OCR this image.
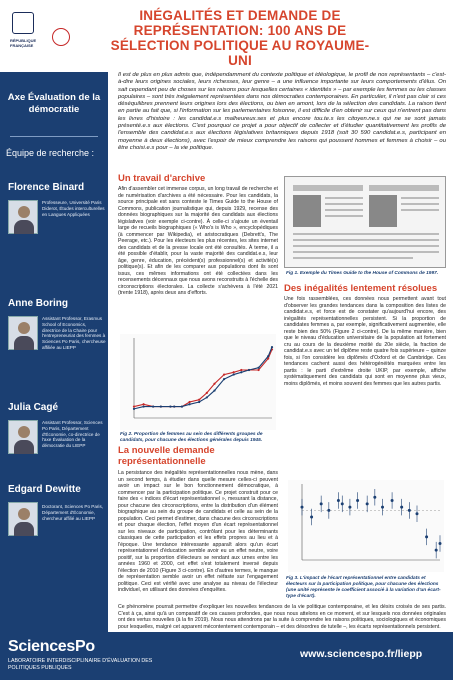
RÉPUBLIQUE FRANÇAISE
INÉGALITÉS ET DEMANDE DE REPRÉSENTATION: 100 ANS DE SÉLECTION POLITIQUE AU ROYAUME-UNI
Axe Évaluation de la démocratie
Équipe de recherche :
Florence Binard
Professeure, Université Paris Diderot, Études interculturelles en Langues Appliquées
Anne Boring
Assistant Professor, Erasmus School of Economics, directrice de la Chaire pour l'entrepreneuriat des femmes à Sciences Po Paris, chercheuse affiliée au LIEPP
Julia Cagé
Assistant Professor, Sciences Po Paris, Département d'Économie, co-directrice de l'axe Évaluation de la démocratie du LIEPP
Edgard Dewitte
Doctorant, Sciences Po Paris, Département d'Économie, chercheur affilié au LIEPP
Il est de plus en plus admis que, indépendamment du contexte politique et idéologique, le profil de nos représentants – c'est-à-dire leurs origines sociales, leurs richesses, leur genre – a une influence importante sur leurs comportements d'élus. On sait cependant peu de choses sur les raisons pour lesquelles certaines « identités » – par exemple les femmes ou les classes populaires – sont très inégalement représentées dans nos démocraties contemporaines. En particulier, il n'est pas clair si ces déséquilibres prennent leurs origines lors des élections, ou bien en amont, lors de la sélection des candidats. La raison tient en partie au fait que, si l'information sur les parlementaires foisonne, il est difficile d'en obtenir sur ceux qui n'entrent pas dans les livres d'histoire : les candidat.e.s malheureux.ses et plus encore tou.te.s les citoyen.ne.s qui ne se sont jamais présenté.e.s aux élections. C'est pourquoi ce projet a pour objectif de collecter et d'étudier quantitativement les profils de l'ensemble des candidat.e.s aux élections législatives britanniques depuis 1918 (soit 30 590 candidat.e.s, participant en moyenne à deux élections), avec l'espoir de mieux comprendre les raisons qui poussent hommes et femmes à choisir – ou être choisi.e.s pour – la vie politique.
Un travail d'archive
Afin d'assembler cet immense corpus, un long travail de recherche et de numérisation d'archives a été nécessaire. Pour les candidats, la source principale est sans conteste le Times Guide to the House of Commons, publication journalistique qui, depuis 1929, recense des données biographiques sur la majorité des candidats aux élections législatives (voir exemple ci-contre). À celle-ci s'ajoute un éventail large de recueils biographiques (« Who's is Who », encyclopédiques (à commencer par Wikipedia), et aristocratiques (Debrett's, The Peerage, etc.). Pour les électeurs les plus récentes, les sites internet des candidats et de la presse locale ont été consultés. À terme, il a été possible d'établir, pour la vaste majorité des candidat.e.s, leur âge, genre, éducation, précédent(s) professionnel(s) et activité(s) politique(s). Et afin de les comparer aux populations dont ils sont issus, ces mêmes informations ont été collectées dans les recensements décennaux que nous avons reconstruits à l'échelle des circonscriptions électorales. La collecte s'achèvera à l'été 2021 (trente 1918), après deux ans d'efforts.
Fig 1. Exemple du Times Guide to the House of Commons de 1997.
Fig 2. Proportion de femmes au sein des différents groupes de candidats, pour chacune des élections générales depuis 1945.
Des inégalités lentement résolues
Une fois rassemblées, ces données nous permettent avant tout d'observer les grandes tendances dans la composition des listes de candidat.e.s, et force est de constater qu'aujourd'hui encore, des inégalités représentationnelles persistent. Si la proportion de candidates femmes a, par exemple, significativement augmentée, elle reste bien des 50% (Figure 2 ci-contre). De la même manière, bien que le niveau d'éducation universitaire de la population ait fortement cru au cours de la deuxième moitié du 20e siècle, la fraction de candidat.e.s avec un tel diplôme reste quatre fois supérieure – quinze fois, si l'on considère les diplômés d'Oxford et de Cambridge. Ces tendances cachent aussi des hétérogénéités marquées entre les partis : le parti d'extrême droite UKIP, par exemple, affiche systématiquement des candidats qui sont en moyenne plus vieux, moins diplômés, et moins souvent des femmes que les autres partis.
La nouvelle demande représentationnelle
La persistance des inégalités représentationnelles nous mène, dans un second temps, à étudier dans quelle mesure celles-ci peuvent avoir un impact sur le bon fonctionnement démocratique, à commencer par la participation politique. Ce projet construit pour ce faire des « indices d'écart représentationnel », mesurant la distance, pour chacune des circonscriptions, entre la distribution d'un élément biographique au sein du groupe de candidats et celle au sein de la population. Ceci permet d'estimer, dans chacune des circonscriptions et pour chaque élection, l'effet moyen d'un écart représentationnel sur les niveaux de participation, contrôlant pour les déterminants classiques de cette participation et les effets propres au lieu et à l'époque. Une tendance intéressante apparaît alors qu'un écart représentationnel d'éducation semble avoir eu un effet neutre, voire positif, sur la proportion d'électeurs se rendant aux urnes entre les années 1960 et 2000, cet effet s'est totalement inversé depuis l'élection de 2010 (Figure 3 ci-contre). En d'autres termes, le manque de représentation semble avoir un effet néfaste sur l'engagement politique. Ceci est vérifié avec une analyse au niveau de l'électeur individuel, en utilisant des données d'enquêtes.
Fig 3. L'impact de l'écart représentationnel entre candidats et électeurs sur la participation politique, pour chacune des élections (une unité représente le coefficient associé à la variation d'un écart-type d'écart).
Ce phénomène pourrait permettre d'expliquer les nouvelles tendances de la vie politique contemporaine, et les désirs croisés de ses partis. C'est à ça, ainsi qu'à un comparatif de ces causes profondes, que nous nous attelons en ce moment, et sur lesquels nos données originales ont des vertus nouvelles (à la fin 2019). Nous nous attendrons par la suite à comprendre les raisons politiques, sociologiques et économiques pour lesquelles, malgré cet apparent mécontentement contemporain – et des désordres de tutelle –, les écarts représentationnels persistent.
SciencesPo
LABORATOIRE INTERDISCIPLINAIRE D'ÉVALUATION DES POLITIQUES PUBLIQUES
www.sciencespo.fr/liepp
